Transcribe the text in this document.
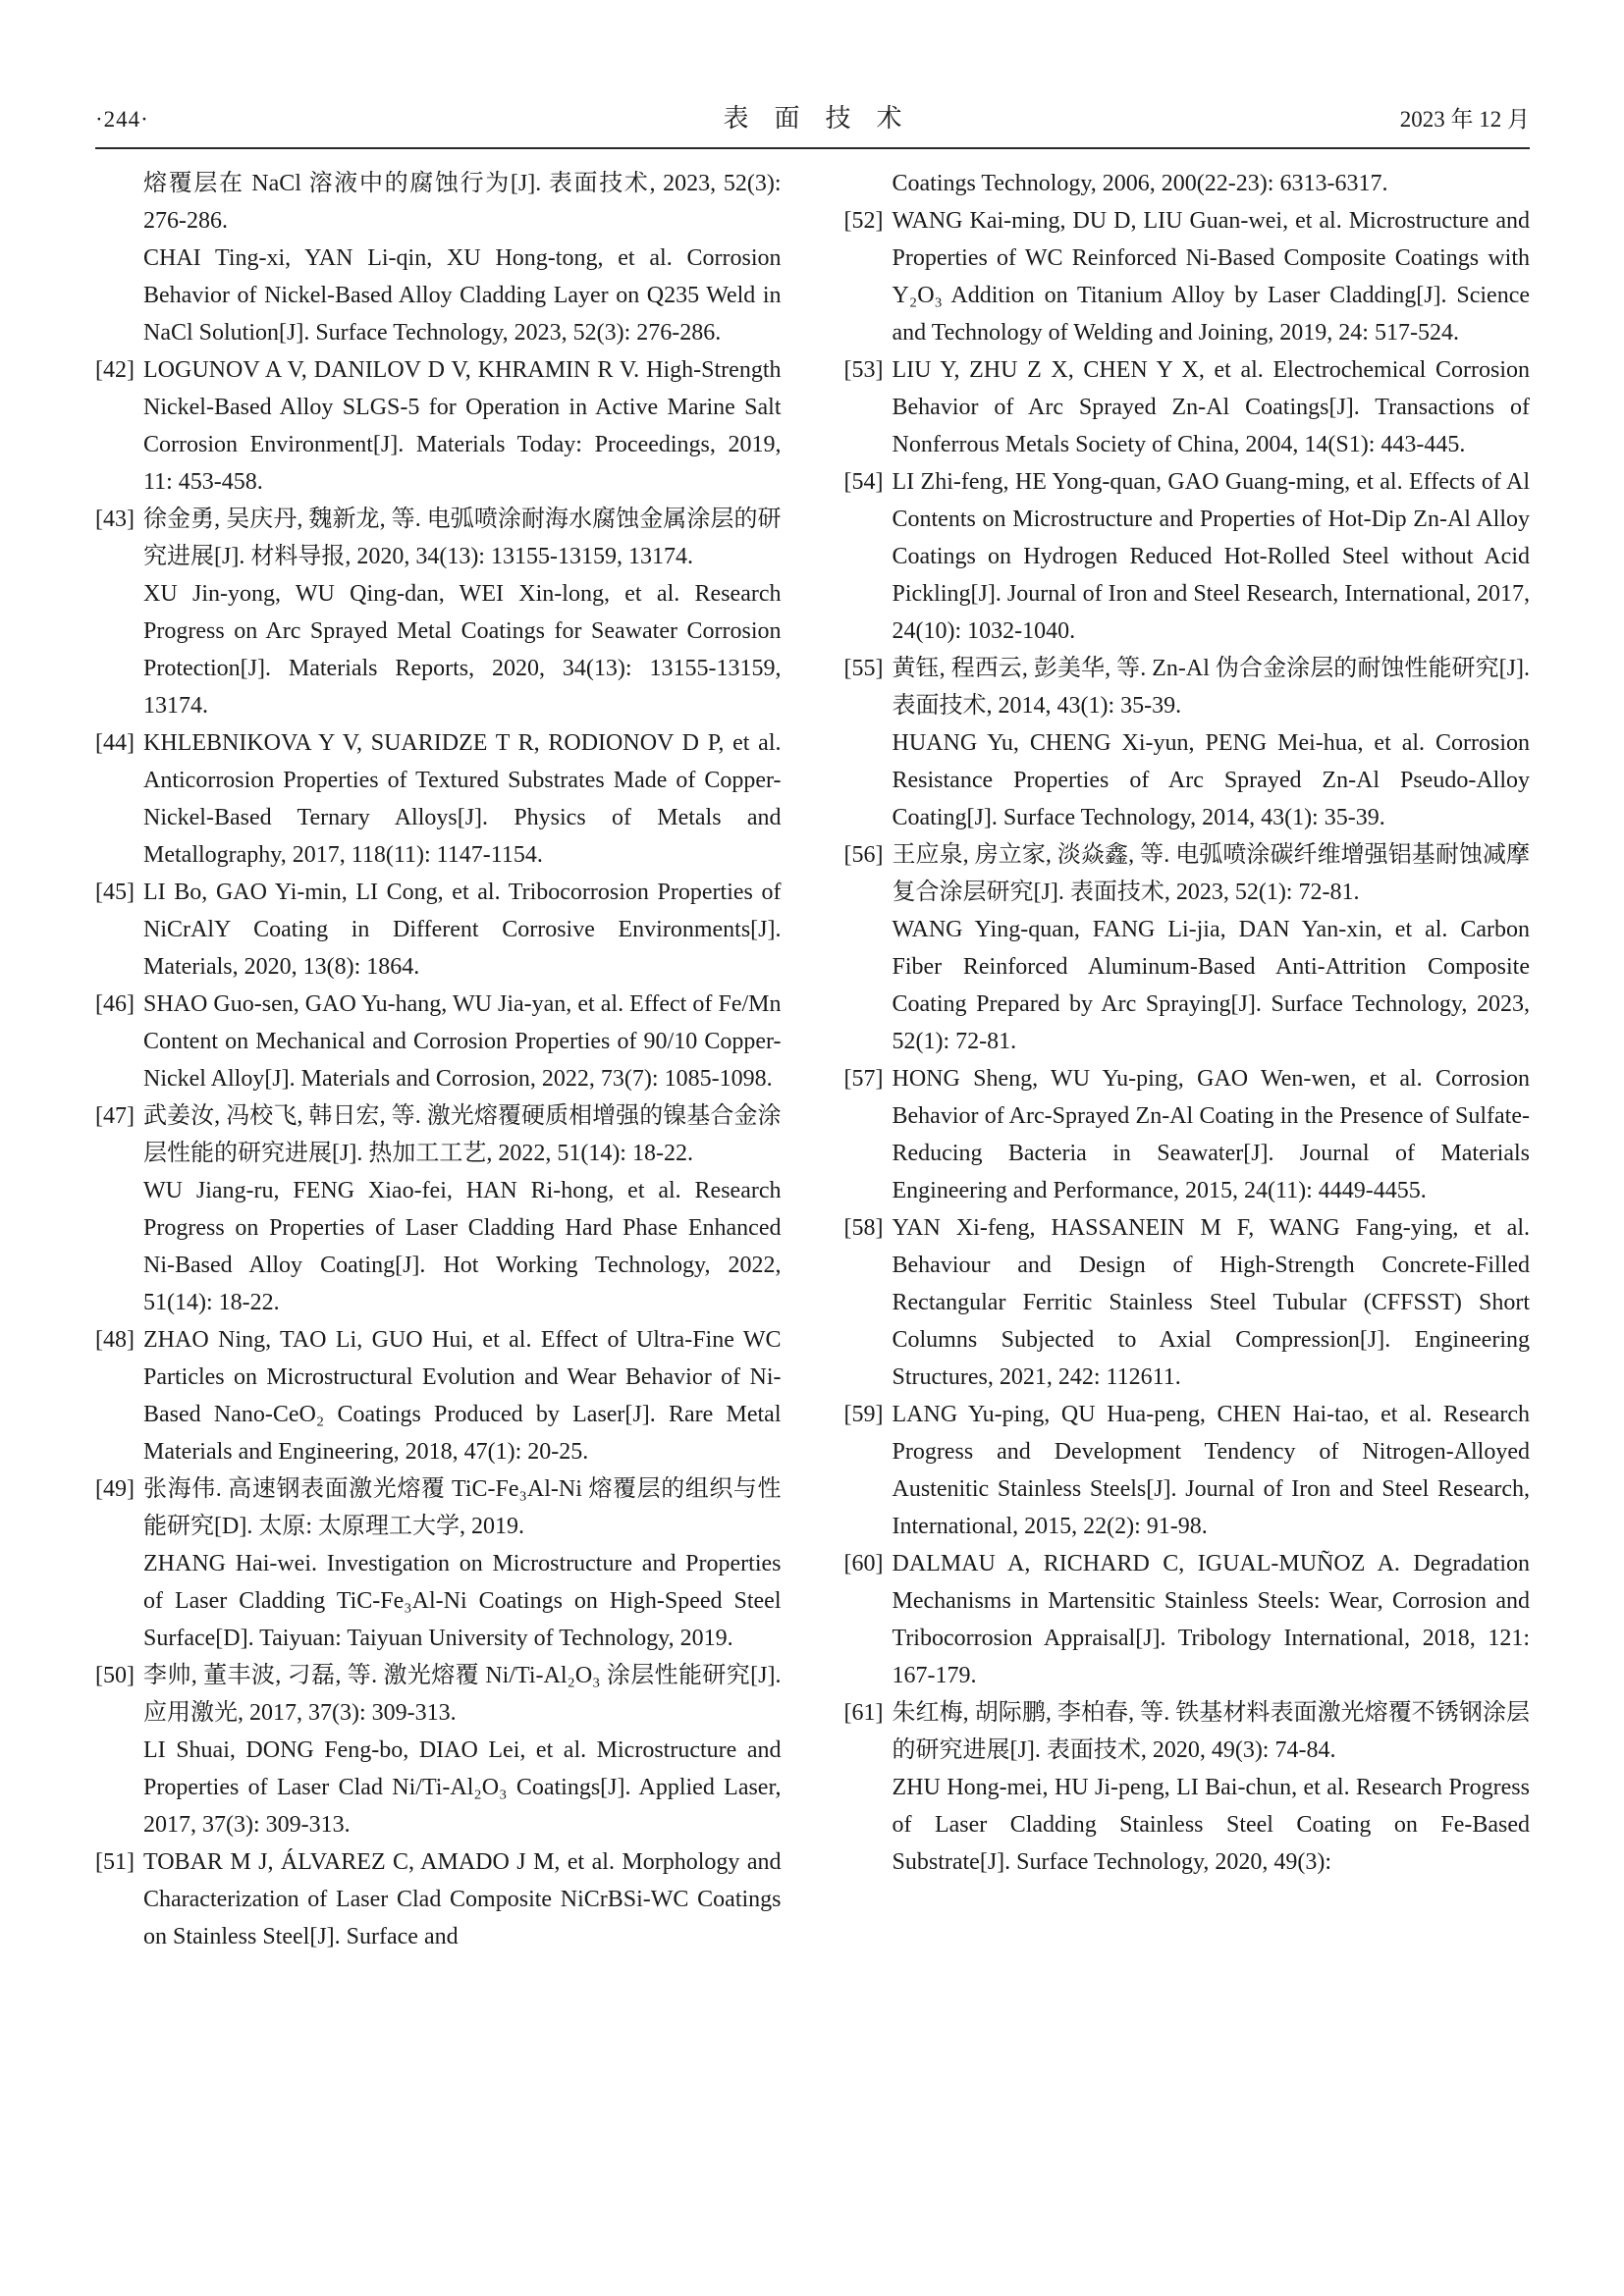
·244·	表　面　技　术	2023 年 12 月

熔覆层在 NaCl 溶液中的腐蚀行为[J]. 表面技术, 2023, 52(3): 276-286.

CHAI Ting-xi, YAN Li-qin, XU Hong-tong, et al. Corrosion Behavior of Nickel-Based Alloy Cladding Layer on Q235 Weld in NaCl Solution[J]. Surface Technology, 2023, 52(3): 276-286.

[42] LOGUNOV A V, DANILOV D V, KHRAMIN R V. High-Strength Nickel-Based Alloy SLGS-5 for Operation in Active Marine Salt Corrosion Environment[J]. Materials Today: Proceedings, 2019, 11: 453-458.

[43] 徐金勇, 吴庆丹, 魏新龙, 等. 电弧喷涂耐海水腐蚀金属涂层的研究进展[J]. 材料导报, 2020, 34(13): 13155-13159, 13174.

XU Jin-yong, WU Qing-dan, WEI Xin-long, et al. Research Progress on Arc Sprayed Metal Coatings for Seawater Corrosion Protection[J]. Materials Reports, 2020, 34(13): 13155-13159, 13174.

[44] KHLEBNIKOVA Y V, SUARIDZE T R, RODIONOV D P, et al. Anticorrosion Properties of Textured Substrates Made of Copper-Nickel-Based Ternary Alloys[J]. Physics of Metals and Metallography, 2017, 118(11): 1147-1154.

[45] LI Bo, GAO Yi-min, LI Cong, et al. Tribocorrosion Properties of NiCrAlY Coating in Different Corrosive Environments[J]. Materials, 2020, 13(8): 1864.

[46] SHAO Guo-sen, GAO Yu-hang, WU Jia-yan, et al. Effect of Fe/Mn Content on Mechanical and Corrosion Properties of 90/10 Copper-Nickel Alloy[J]. Materials and Corrosion, 2022, 73(7): 1085-1098.

[47] 武姜汝, 冯校飞, 韩日宏, 等. 激光熔覆硬质相增强的镍基合金涂层性能的研究进展[J]. 热加工工艺, 2022, 51(14): 18-22.

WU Jiang-ru, FENG Xiao-fei, HAN Ri-hong, et al. Research Progress on Properties of Laser Cladding Hard Phase Enhanced Ni-Based Alloy Coating[J]. Hot Working Technology, 2022, 51(14): 18-22.

[48] ZHAO Ning, TAO Li, GUO Hui, et al. Effect of Ultra-Fine WC Particles on Microstructural Evolution and Wear Behavior of Ni-Based Nano-CeO₂ Coatings Produced by Laser[J]. Rare Metal Materials and Engineering, 2018, 47(1): 20-25.

[49] 张海伟. 高速钢表面激光熔覆 TiC-Fe₃Al-Ni 熔覆层的组织与性能研究[D]. 太原: 太原理工大学, 2019.

ZHANG Hai-wei. Investigation on Microstructure and Properties of Laser Cladding TiC-Fe₃Al-Ni Coatings on High-Speed Steel Surface[D]. Taiyuan: Taiyuan University of Technology, 2019.

[50] 李帅, 董丰波, 刁磊, 等. 激光熔覆 Ni/Ti-Al₂O₃ 涂层性能研究[J]. 应用激光, 2017, 37(3): 309-313.

LI Shuai, DONG Feng-bo, DIAO Lei, et al. Microstructure and Properties of Laser Clad Ni/Ti-Al₂O₃ Coatings[J]. Applied Laser, 2017, 37(3): 309-313.

[51] TOBAR M J, ÁLVAREZ C, AMADO J M, et al. Morphology and Characterization of Laser Clad Composite NiCrBSi-WC Coatings on Stainless Steel[J]. Surface and

Coatings Technology, 2006, 200(22-23): 6313-6317.

[52] WANG Kai-ming, DU D, LIU Guan-wei, et al. Microstructure and Properties of WC Reinforced Ni-Based Composite Coatings with Y₂O₃ Addition on Titanium Alloy by Laser Cladding[J]. Science and Technology of Welding and Joining, 2019, 24: 517-524.

[53] LIU Y, ZHU Z X, CHEN Y X, et al. Electrochemical Corrosion Behavior of Arc Sprayed Zn-Al Coatings[J]. Transactions of Nonferrous Metals Society of China, 2004, 14(S1): 443-445.

[54] LI Zhi-feng, HE Yong-quan, GAO Guang-ming, et al. Effects of Al Contents on Microstructure and Properties of Hot-Dip Zn-Al Alloy Coatings on Hydrogen Reduced Hot-Rolled Steel without Acid Pickling[J]. Journal of Iron and Steel Research, International, 2017, 24(10): 1032-1040.

[55] 黄钰, 程西云, 彭美华, 等. Zn-Al 伪合金涂层的耐蚀性能研究[J]. 表面技术, 2014, 43(1): 35-39.

HUANG Yu, CHENG Xi-yun, PENG Mei-hua, et al. Corrosion Resistance Properties of Arc Sprayed Zn-Al Pseudo-Alloy Coating[J]. Surface Technology, 2014, 43(1): 35-39.

[56] 王应泉, 房立家, 淡焱鑫, 等. 电弧喷涂碳纤维增强铝基耐蚀减摩复合涂层研究[J]. 表面技术, 2023, 52(1): 72-81.

WANG Ying-quan, FANG Li-jia, DAN Yan-xin, et al. Carbon Fiber Reinforced Aluminum-Based Anti-Attrition Composite Coating Prepared by Arc Spraying[J]. Surface Technology, 2023, 52(1): 72-81.

[57] HONG Sheng, WU Yu-ping, GAO Wen-wen, et al. Corrosion Behavior of Arc-Sprayed Zn-Al Coating in the Presence of Sulfate-Reducing Bacteria in Seawater[J]. Journal of Materials Engineering and Performance, 2015, 24(11): 4449-4455.

[58] YAN Xi-feng, HASSANEIN M F, WANG Fang-ying, et al. Behaviour and Design of High-Strength Concrete-Filled Rectangular Ferritic Stainless Steel Tubular (CFFSST) Short Columns Subjected to Axial Compression[J]. Engineering Structures, 2021, 242: 112611.

[59] LANG Yu-ping, QU Hua-peng, CHEN Hai-tao, et al. Research Progress and Development Tendency of Nitrogen-Alloyed Austenitic Stainless Steels[J]. Journal of Iron and Steel Research, International, 2015, 22(2): 91-98.

[60] DALMAU A, RICHARD C, IGUAL-MUÑOZ A. Degradation Mechanisms in Martensitic Stainless Steels: Wear, Corrosion and Tribocorrosion Appraisal[J]. Tribology International, 2018, 121: 167-179.

[61] 朱红梅, 胡际鹏, 李柏春, 等. 铁基材料表面激光熔覆不锈钢涂层的研究进展[J]. 表面技术, 2020, 49(3): 74-84.

ZHU Hong-mei, HU Ji-peng, LI Bai-chun, et al. Research Progress of Laser Cladding Stainless Steel Coating on Fe-Based Substrate[J]. Surface Technology, 2020, 49(3):
